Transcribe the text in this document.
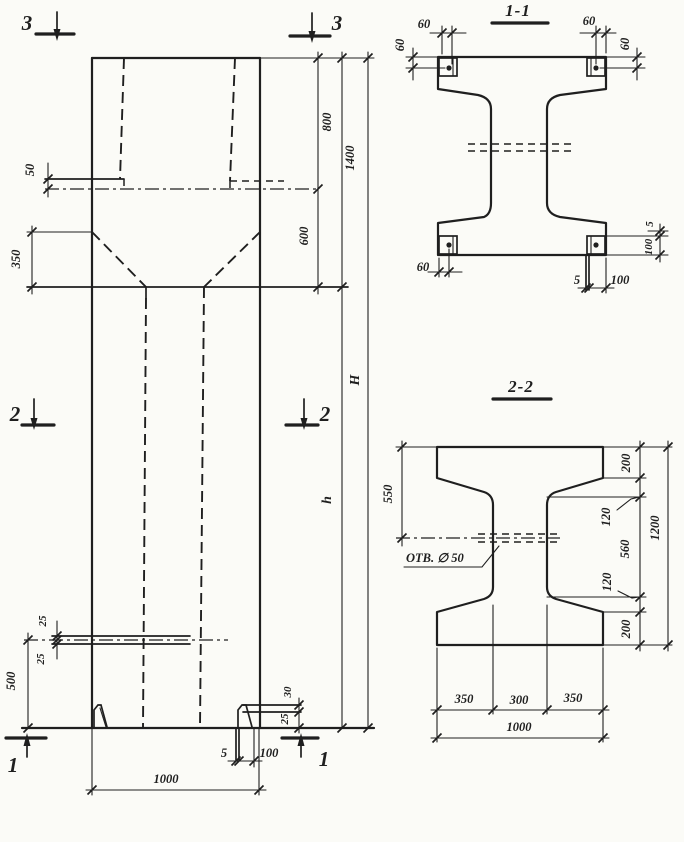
3	3
2	2
1	1
50
350
800
1400
600
H
h
25
25
500
30
25
5	100
1000
1-1
60
60
60
60
60
5
100
5 100
2-2
550
200
120
560
120
200
1200
350	300	350
1000
ОТВ. ∅ 50
